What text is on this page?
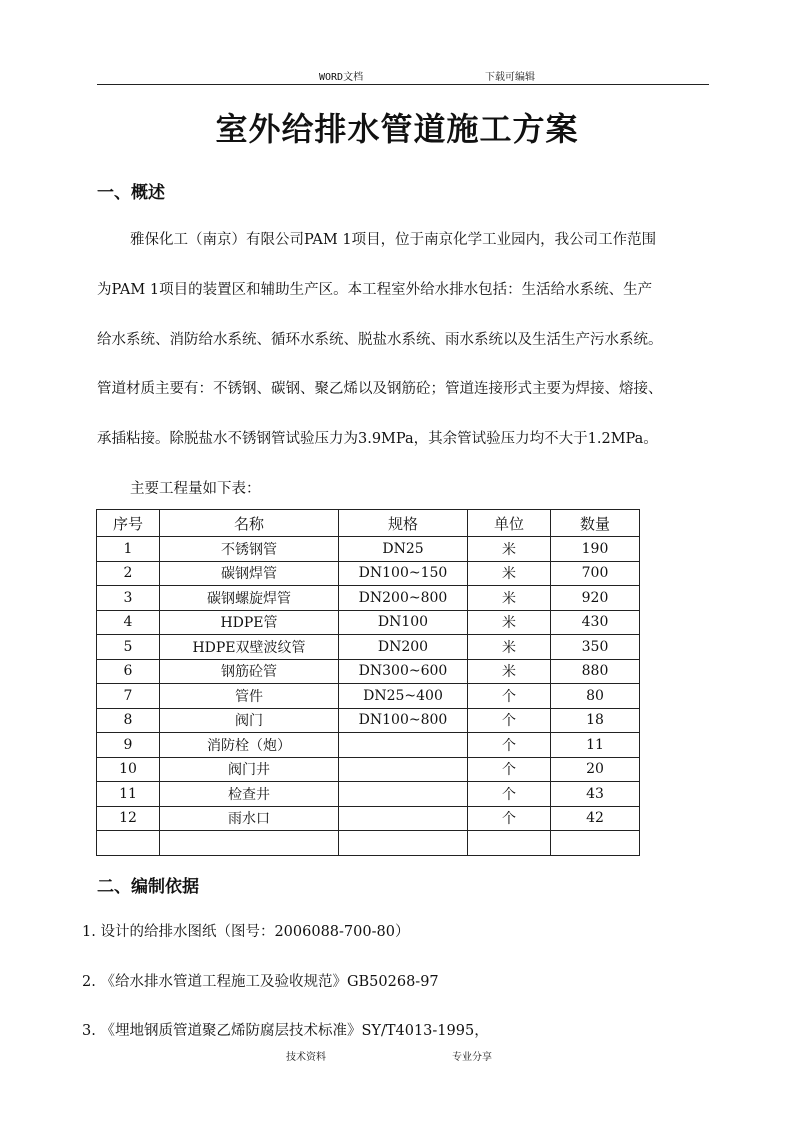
WORD文档	下载可编辑
室外给排水管道施工方案
一、概述
雅保化工（南京）有限公司PAM 1项目，位于南京化学工业园内，我公司工作范围
为PAM 1项目的装置区和辅助生产区。本工程室外给水排水包括：生活给水系统、生产
给水系统、消防给水系统、循环水系统、脱盐水系统、雨水系统以及生活生产污水系统。
管道材质主要有：不锈钢、碳钢、聚乙烯以及钢筋砼；管道连接形式主要为焊接、熔接、
承插粘接。除脱盐水不锈钢管试验压力为3.9MPa，其余管试验压力均不大于1.2MPa。
主要工程量如下表：
序号	名称	规格	单位	数量
1	不锈钢管	DN25	米	190
2	碳钢焊管	DN100~150	米	700
3	碳钢螺旋焊管	DN200~800	米	920
4	HDPE管	DN100	米	430
5	HDPE双壁波纹管	DN200	米	350
6	钢筋砼管	DN300~600	米	880
7	管件	DN25~400	个	80
8	阀门	DN100~800	个	18
9	消防栓（炮）		个	11
10	阀门井		个	20
11	检查井		个	43
12	雨水口		个	42

二、编制依据
1. 设计的给排水图纸（图号：2006088-700-80）
2. 《给水排水管道工程施工及验收规范》GB50268-97
3. 《埋地钢质管道聚乙烯防腐层技术标准》SY/T4013-1995，
技术资料	专业分享
